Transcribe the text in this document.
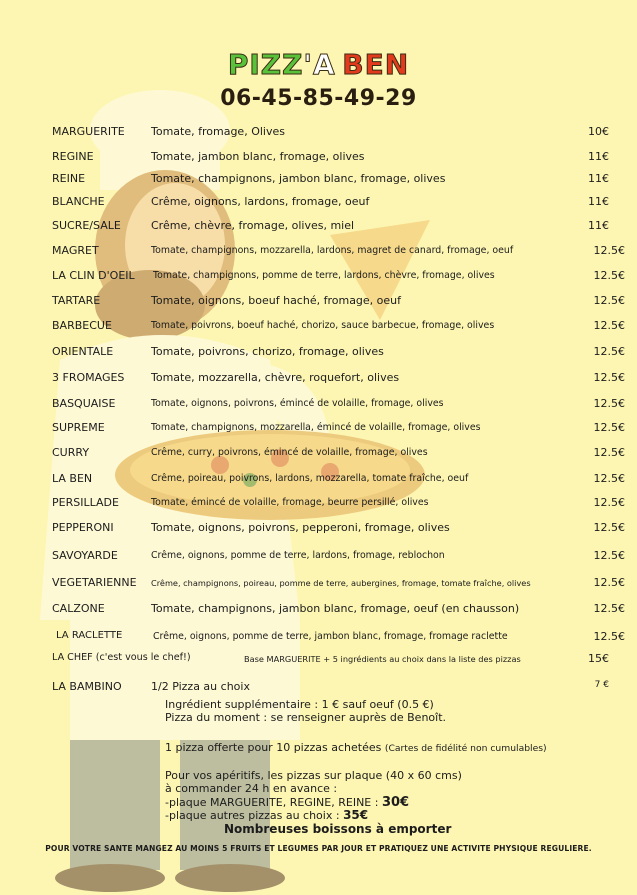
PIZZ'A  BEN
06-45-85-49-29
MARGUERITE Tomate, fromage, Olives	10€
REGINE	Tomate, jambon blanc, fromage, olives	11€
REINE	Tomate, champignons, jambon blanc, fromage, olives	11€
BLANCHE	Crême, oignons, lardons, fromage, oeuf	11€
SUCRE/SALE	Crême, chèvre, fromage, olives, miel	11€
MAGRET	Tomate, champignons, mozzarella, lardons, magret de canard, fromage, oeuf	12.5€
LA CLIN D'OEIL Tomate, champignons, pomme de terre, lardons, chèvre, fromage, olives	12.5€
TARTARE	Tomate, oignons, boeuf haché, fromage, oeuf	12.5€
BARBECUE	Tomate, poivrons, boeuf haché, chorizo, sauce barbecue, fromage, olives	12.5€
ORIENTALE	Tomate, poivrons, chorizo, fromage, olives	12.5€
3 FROMAGES Tomate, mozzarella, chèvre, roquefort, olives	12.5€
BASQUAISE	Tomate, oignons, poivrons, émincé de volaille, fromage, olives	12.5€
SUPREME	Tomate, champignons, mozzarella, émincé de volaille, fromage, olives	12.5€
CURRY	Crême, curry, poivrons, émincé de volaille, fromage, olives	12.5€
LA BEN	Crême, poireau, poivrons, lardons, mozzarella, tomate fraîche, oeuf	12.5€
PERSILLADE	Tomate, émincé de volaille, fromage, beurre persillé, olives	12.5€
PEPPERONI	Tomate, oignons, poivrons, pepperoni, fromage, olives	12.5€
SAVOYARDE	Crême, oignons, pomme de terre, lardons, fromage, reblochon	12.5€
VEGETARIENNE Crême, champignons, poireau, pomme de terre, aubergines, fromage, tomate fraîche, olives	12.5€
CALZONE	Tomate, champignons, jambon blanc, fromage, oeuf (en chausson)	12.5€
LA RACLETTE	Crême, oignons, pomme de terre, jambon blanc, fromage, fromage raclette	12.5€
LA CHEF (c'est vous le chef!)	Base MARGUERITE + 5 ingrédients au choix dans la liste des pizzas	15€
LA BAMBINO	1/2 Pizza au choix	7 €
Ingrédient supplémentaire : 1 € sauf oeuf (0.5 €)
Pizza du moment : se renseigner auprès de Benoît.
1 pizza offerte pour 10 pizzas achetées (Cartes de fidélité non cumulables)
Pour vos apéritifs, les pizzas sur plaque (40 x 60 cms)
à commander 24 h en avance :
-plaque MARGUERITE, REGINE, REINE : 30€
-plaque autres pizzas au choix : 35€
Nombreuses boissons à emporter
POUR VOTRE SANTE MANGEZ AU MOINS 5 FRUITS ET LEGUMES PAR JOUR ET PRATIQUEZ UNE ACTIVITE PHYSIQUE REGULIERE.
